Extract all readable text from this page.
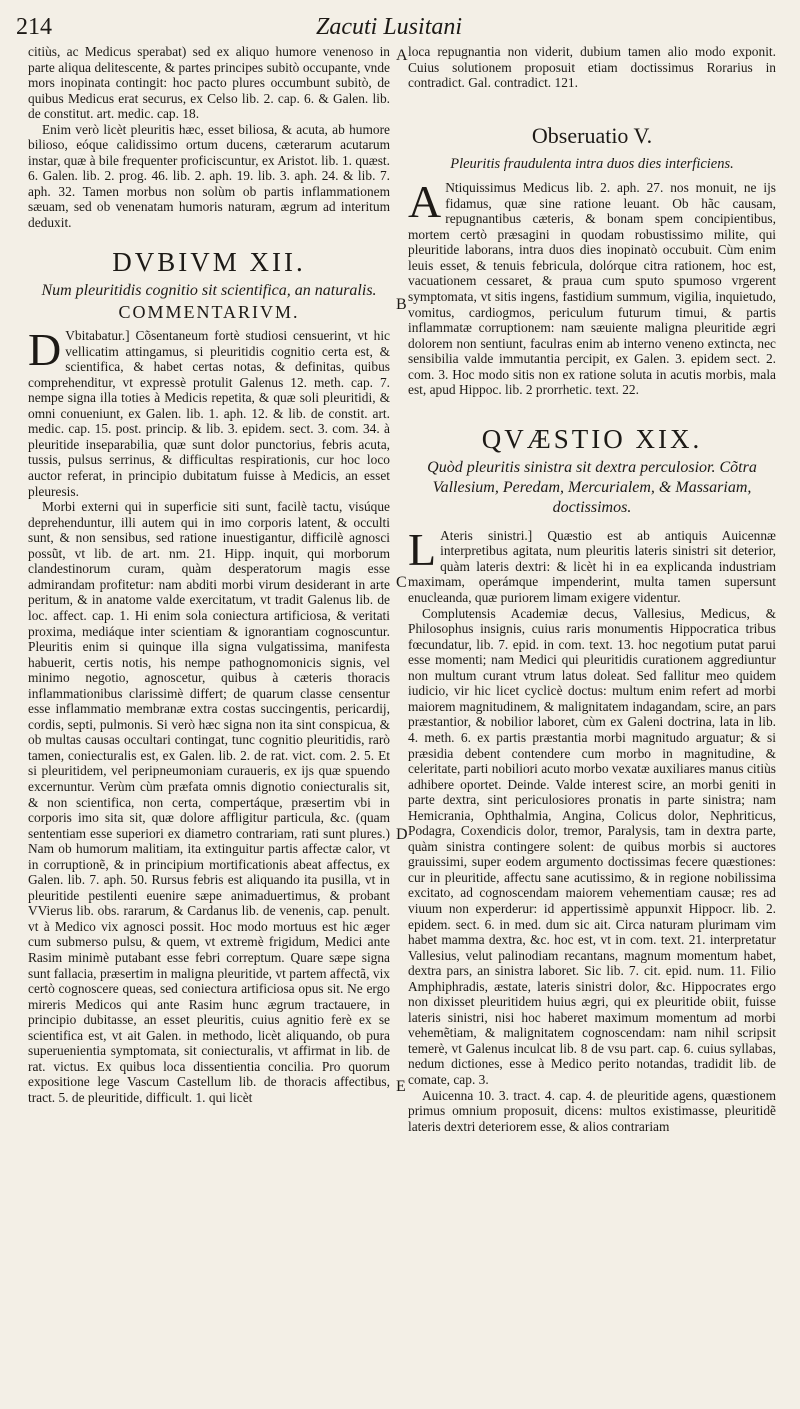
214	Zacuti Lusitani
A
B
C
D
E

citiùs, ac Medicus sperabat) sed ex aliquo humore venenoso in parte aliqua delitescente, & partes principes subitò occupante, vnde mors inopinata contingit: hoc pacto plures occumbunt subitò, de quibus Medicus erat securus, ex Celso lib. 2. cap. 6. & Galen. lib. de constitut. art. medic. cap. 18.

Enim verò licèt pleuritis hæc, esset biliosa, & acuta, ab humore bilioso, eóque calidissimo ortum ducens, cæterarum acutarum instar, quæ à bile frequenter proficiscuntur, ex Aristot. lib. 1. quæst. 6. Galen. lib. 2. prog. 46. lib. 2. aph. 19. lib. 3. aph. 24. & lib. 7. aph. 32. Tamen morbus non solùm ob partis inflammationem sæuam, sed ob venenatam humoris naturam, ægrum ad interitum deduxit.

DVBIVM XII.
Num pleuritidis cognitio sit scientifica, an naturalis.
COMMENTARIVM.

D Vbitabatur.] Cõsentaneum fortè studiosi censuerint, vt hic vellicatim attingamus, si pleuritidis cognitio certa est, & scientifica, & habet certas notas, & definitas, quibus comprehenditur, vt expressè protulit Galenus 12. meth. cap. 7. nempe signa illa toties à Medicis repetita, & quæ soli pleuritidi, & omni conueniunt, ex Galen. lib. 1. aph. 12. & lib. de constit. art. medic. cap. 15. post. princip. & lib. 3. epidem. sect. 3. com. 34. à pleuritide inseparabilia, quæ sunt dolor punctorius, febris acuta, tussis, pulsus serrinus, & difficultas respirationis, cur hoc loco auctor referat, in principio dubitatum fuisse à Medicis, an esset pleuresis.

Morbi externi qui in superficie siti sunt, facilè tactu, visúque deprehenduntur, illi autem qui in imo corporis latent, & occulti sunt, & non sensibus, sed ratione inuestigantur, difficilè agnosci possũt, vt lib. de art. nm. 21. Hipp. inquit, qui morborum clandestinorum curam, quàm desperatorum magis esse admirandam profitetur: nam abditi morbi virum desiderant in arte peritum, & in anatome valde exercitatum, vt tradit Galenus lib. de loc. affect. cap. 1. Hi enim sola coniectura artificiosa, & veritati proxima, mediáque inter scientiam & ignorantiam cognoscuntur. Pleuritis enim si quinque illa signa vulgatissima, manifesta habuerit, certis notis, his nempe pathognomonicis signis, vel minimo negotio, agnoscetur, quibus à cæteris thoracis inflammationibus clarissimè differt; de quarum classe censentur esse inflammatio membranæ extra costas succingentis, pericardij, cordis, septi, pulmonis. Si verò hæc signa non ita sint conspicua, & ob multas causas occultari contingat, tunc cognitio pleuritidis, rarò tamen, coniecturalis est, ex Galen. lib. 2. de rat. vict. com. 2. 5. Et si pleuritidem, vel peripneumoniam curaueris, ex ijs quæ spuendo excernuntur. Verùm cùm præfata omnis dignotio coniecturalis sit, & non scientifica, non certa, compertáque, præsertim vbi in corporis imo sita sit, quæ dolore affligitur particula, &c. (quam sententiam esse superiori ex diametro contrariam, rati sunt plures.) Nam ob humorum malitiam, ita extinguitur partis affectæ calor, vt in corruptionẽ, & in principium mortificationis abeat affectus, ex Galen. lib. 7. aph. 50. Rursus febris est aliquando ita pusilla, vt in pleuritide pestilenti euenire sæpe animaduertimus, & probant VVierus lib. obs. rararum, & Cardanus lib. de venenis, cap. penult. vt à Medico vix agnosci possit. Hoc modo mortuus est hic æger cum submerso pulsu, & quem, vt extremè frigidum, Medici ante Rasim minimè putabant esse febri correptum. Quare sæpe signa sunt fallacia, præsertim in maligna pleuritide, vt partem affectã, vix certò cognoscere queas, sed coniectura artificiosa opus sit. Ne ergo mireris Medicos qui ante Rasim hunc ægrum tractauere, in principio dubitasse, an esset pleuritis, cuius agnitio ferè ex se scientifica est, vt ait Galen. in methodo, licèt aliquando, ob pura superuenientia symptomata, sit coniecturalis, vt affirmat in lib. de rat. victus. Ex quibus loca dissentientia concilia. Pro quorum expositione lege Vascum Castellum lib. de thoracis affectibus, tract. 5. de pleuritide, difficult. 1. qui licèt

loca repugnantia non viderit, dubium tamen alio modo exponit. Cuius solutionem proposuit etiam doctissimus Rorarius in contradict. Gal. contradict. 121.

Obseruatio V.
Pleuritis fraudulenta intra duos dies interficiens.

A Ntiquissimus Medicus lib. 2. aph. 27. nos monuit, ne ijs fidamus, quæ sine ratione leuant. Ob hãc causam, repugnantibus cæteris, & bonam spem concipientibus, mortem certò præsagini in quodam robustissimo milite, qui pleuritide laborans, intra duos dies inopinatò occubuit. Cùm enim leuis esset, & tenuis febricula, dolórque citra rationem, hoc est, vacuationem cessaret, & praua cum sputo spumoso vrgerent symptomata, vt sitis ingens, fastidium summum, vigilia, inquietudo, vomitus, cardiogmos, periculum futurum timui, & partis inflammatæ corruptionem: nam sæuiente maligna pleuritide ægri dolorem non sentiunt, faculras enim ab interno veneno extincta, nec sensibilia valde immutantia percipit, ex Galen. 3. epidem sect. 2. com. 3. Hoc modo sitis non ex ratione soluta in acutis morbis, mala est, apud Hippoc. lib. 2 prorrhetic. text. 22.

QVÆSTIO XIX.
Quòd pleuritis sinistra sit dextra perculosior. Cõtra Vallesium, Peredam, Mercurialem, & Massariam, doctissimos.

L Ateris sinistri.] Quæstio est ab antiquis Auicennæ interpretibus agitata, num pleuritis lateris sinistri sit deterior, quàm lateris dextri: & licèt hi in ea explicanda industriam maximam, operámque impenderint, multa tamen supersunt enucleanda, quæ puriorem limam exigere videntur.

Complutensis Academiæ decus, Vallesius, Medicus, & Philosophus insignis, cuius raris monumentis Hippocratica tribus fœcundatur, lib. 7. epid. in com. text. 13. hoc negotium putat parui esse momenti; nam Medici qui pleuritidis curationem aggrediuntur non multum curant vtrum latus doleat. Sed fallitur meo quidem iudicio, vir hic licet cyclicè doctus: multum enim refert ad morbi maiorem magnitudinem, & malignitatem indagandam, scire, an pars præstantior, & nobilior laboret, cùm ex Galeni doctrina, lata in lib. 4. meth. 6. ex partis præstantia morbi magnitudo arguatur; & si præsidia debent contendere cum morbo in magnitudine, & celeritate, parti nobiliori acuto morbo vexatæ auxiliares manus citiùs adhibere oportet. Deinde. Valde interest scire, an morbi geniti in parte dextra, sint periculosiores pronatis in parte sinistra; nam Hemicrania, Ophthalmia, Angina, Colicus dolor, Nephriticus, Podagra, Coxendicis dolor, tremor, Paralysis, tam in dextra parte, quàm sinistra contingere solent: de quibus morbis si auctores grauissimi, super eodem argumento doctissimas fecere quæstiones: cur in pleuritide, affectu sane acutissimo, & in regione nobilissima excitato, ad cognoscendam maiorem vehementiam causæ; res ad viuum non experderur: id appertissimè appunxit Hippocr. lib. 2. epidem. sect. 6. in med. dum sic ait. Circa naturam plurimam vim habet mamma dextra, &c. hoc est, vt in com. text. 21. interpretatur Vallesius, velut palinodiam recantans, magnum momentum habet, dextra pars, an sinistra laboret. Sic lib. 7. cit. epid. num. 11. Filio Amphiphradis, æstate, lateris sinistri dolor, &c. Hippocrates ergo non dixisset pleuritidem huius ægri, qui ex pleuritide obiit, fuisse lateris sinistri, nisi hoc haberet maximum momentum ad morbi vehemẽtiam, & malignitatem cognoscendam: nam nihil scripsit temerè, vt Galenus inculcat lib. 8 de vsu part. cap. 6. cuius syllabas, nedum dictiones, esse à Medico perito notandas, tradidit lib. de comate, cap. 3.

Auicenna 10. 3. tract. 4. cap. 4. de pleuritide agens, quæstionem primus omnium proposuit, dicens: multos existimasse, pleuritidẽ lateris dextri deteriorem esse, & alios contrariam
